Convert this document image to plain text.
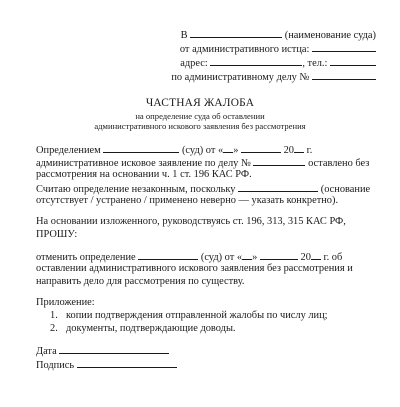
В	(наименование суда)
от административного истца:
адрес:	, тел.:
по административному делу №
ЧАСТНАЯ ЖАЛОБА
на определение суда об оставлении
административного искового заявления без рассмотрения
Определением	(суд) от « »	20 г.
административное исковое заявление по делу №	оставлено без
рассмотрения на основании ч. 1 ст. 196 КАС РФ.
Считаю определение незаконным, поскольку	(основание
отсутствует / устранено / применено неверно — указать конкретно).
На основании изложенного, руководствуясь ст. 196, 313, 315 КАС РФ,
ПРОШУ:
отменить определение	(суд) от « »	20 г. об
оставлении административного искового заявления без рассмотрения и
направить дело для рассмотрения по существу.
Приложение:
1. копии подтверждения отправленной жалобы по числу лиц;
2. документы, подтверждающие доводы.
Дата
Подпись
